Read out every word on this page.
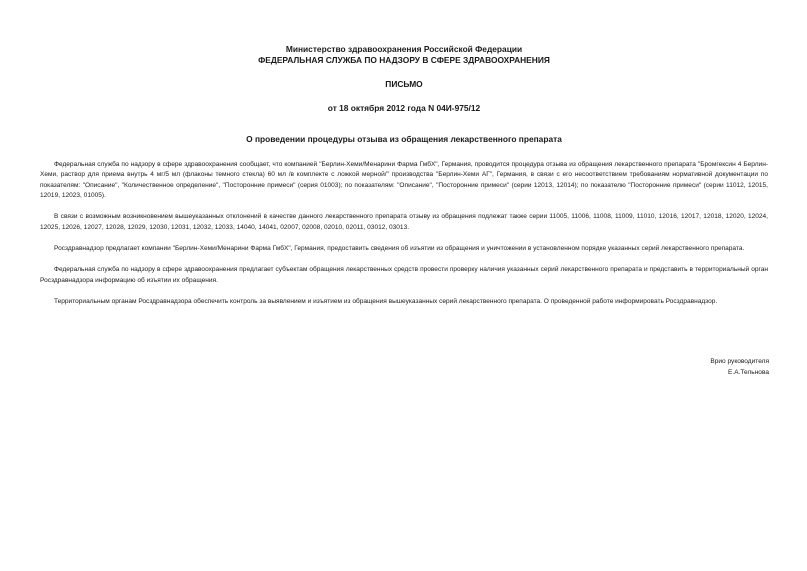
Министерство здравоохранения Российской Федерации
ФЕДЕРАЛЬНАЯ СЛУЖБА ПО НАДЗОРУ В СФЕРЕ ЗДРАВООХРАНЕНИЯ
ПИСЬМО
от 18 октября 2012 года N 04И-975/12
О проведении процедуры отзыва из обращения лекарственного препарата

Федеральная служба по надзору в сфере здравоохранения сообщает, что компанией "Берлин-Хеми/Менарини Фарма ГмбХ", Германия, проводится процедура отзыва из обращения лекарственного препарата "Бромгексин 4 Берлин-Хеми, раствор для приема внутрь 4 мг/5 мл (флаконы темного стекла) 60 мл /в комплекте с ложкой мерной/" производства "Берлин-Хеми АГ", Германия, в связи с его несоответствием требованиям нормативной документации по показателям: "Описание", "Количественное определение", "Посторонние примеси" (серия 01003); по показателям: "Описание", "Посторонние примеси" (серии 12013, 12014); по показателю "Посторонние примеси" (серии 11012, 12015, 12019, 12023, 01005).

В связи с возможным возникновением вышеуказанных отклонений в качестве данного лекарственного препарата отзыву из обращения подлежат также серии 11005, 11006, 11008, 11009, 11010, 12016, 12017, 12018, 12020, 12024, 12025, 12026, 12027, 12028, 12029, 12030, 12031, 12032, 12033, 14040, 14041, 02007, 02008, 02010, 02011, 03012, 03013.

Росздравнадзор предлагает компании "Берлин-Хеми/Менарини Фарма ГмбХ", Германия, предоставить сведения об изъятии из обращения и уничтожении в установленном порядке указанных серий лекарственного препарата.

Федеральная служба по надзору в сфере здравоохранения предлагает субъектам обращения лекарственных средств провести проверку наличия указанных серий лекарственного препарата и представить в территориальный орган Росздравнадзора информацию об изъятии их обращения.

Территориальным органам Росздравнадзора обеспечить контроль за выявлением и изъятием из обращения вышеуказанных серий лекарственного препарата. О проведенной работе информировать Росздравнадзор.

Врио руководителя
Е.А.Тельнова
